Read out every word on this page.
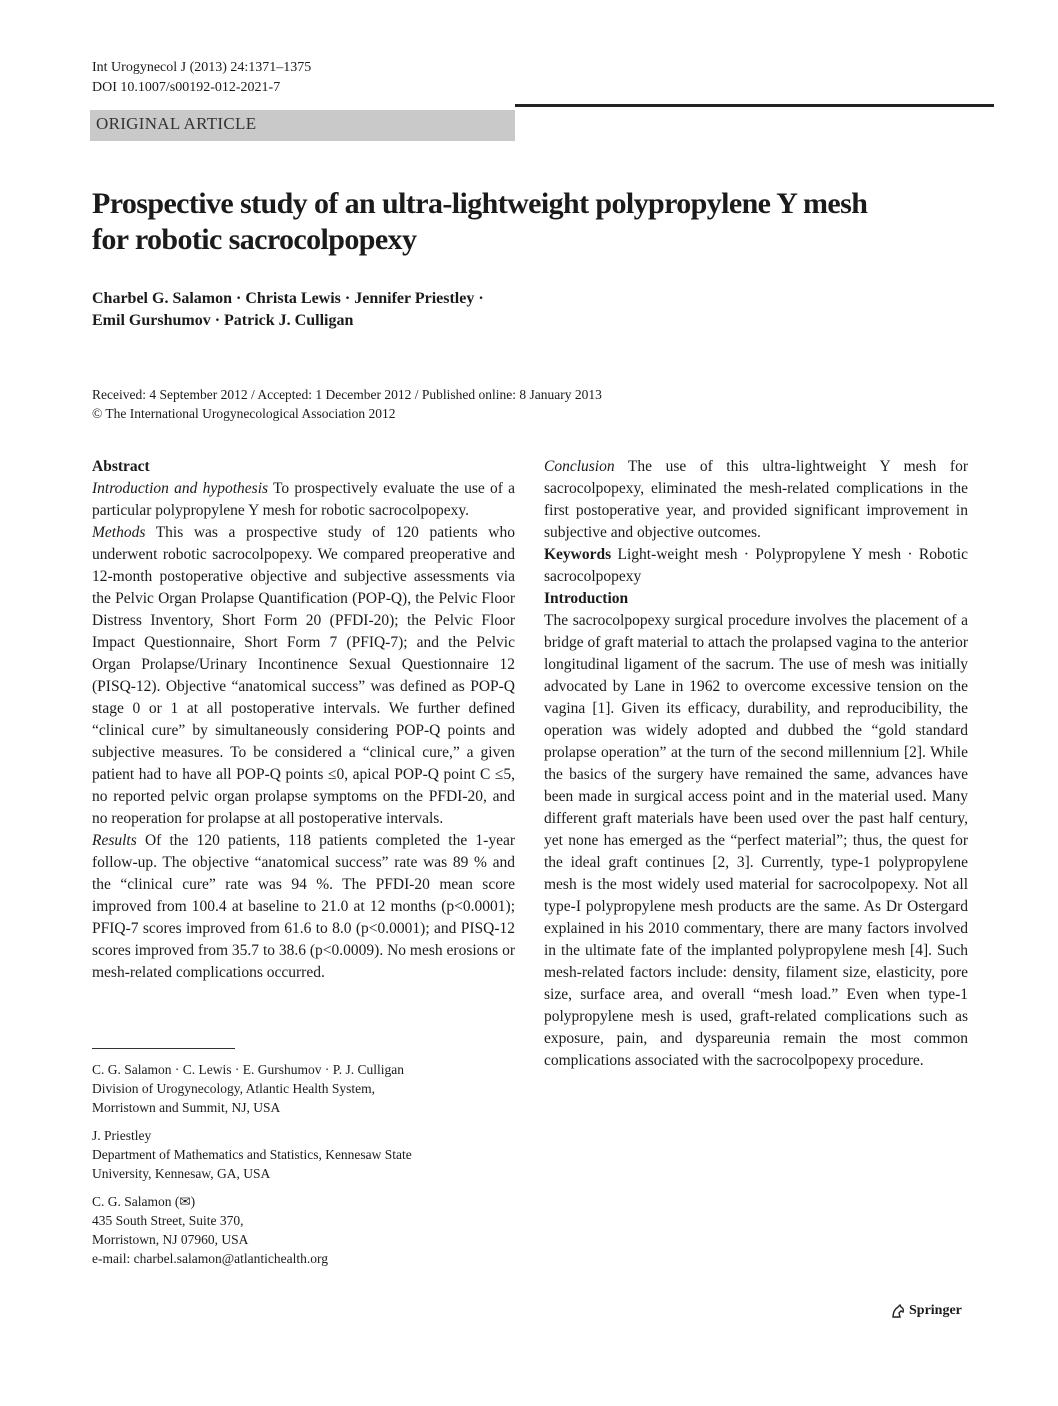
Int Urogynecol J (2013) 24:1371–1375
DOI 10.1007/s00192-012-2021-7
ORIGINAL ARTICLE
Prospective study of an ultra-lightweight polypropylene Y mesh
for robotic sacrocolpopexy
Charbel G. Salamon · Christa Lewis · Jennifer Priestley ·
Emil Gurshumov · Patrick J. Culligan
Received: 4 September 2012 / Accepted: 1 December 2012 / Published online: 8 January 2013
© The International Urogynecological Association 2012

Abstract

Introduction and hypothesis To prospectively evaluate the use of a particular polypropylene Y mesh for robotic sacrocolpopexy.

Methods This was a prospective study of 120 patients who underwent robotic sacrocolpopexy. We compared preoperative and 12-month postoperative objective and subjective assessments via the Pelvic Organ Prolapse Quantification (POP-Q), the Pelvic Floor Distress Inventory, Short Form 20 (PFDI-20); the Pelvic Floor Impact Questionnaire, Short Form 7 (PFIQ-7); and the Pelvic Organ Prolapse/Urinary Incontinence Sexual Questionnaire 12 (PISQ-12). Objective “anatomical success” was defined as POP-Q stage 0 or 1 at all postoperative intervals. We further defined “clinical cure” by simultaneously considering POP-Q points and subjective measures. To be considered a “clinical cure,” a given patient had to have all POP-Q points ≤0, apical POP-Q point C ≤5, no reported pelvic organ prolapse symptoms on the PFDI-20, and no reoperation for prolapse at all postoperative intervals.

Results Of the 120 patients, 118 patients completed the 1-year follow-up. The objective “anatomical success” rate was 89 % and the “clinical cure” rate was 94 %. The PFDI-20 mean score improved from 100.4 at baseline to 21.0 at 12 months (p<0.0001); PFIQ-7 scores improved from 61.6 to 8.0 (p<0.0001); and PISQ-12 scores improved from 35.7 to 38.6 (p<0.0009). No mesh erosions or mesh-related complications occurred.

C. G. Salamon · C. Lewis · E. Gurshumov · P. J. Culligan
Division of Urogynecology, Atlantic Health System,
Morristown and Summit, NJ, USA

J. Priestley
Department of Mathematics and Statistics, Kennesaw State
University, Kennesaw, GA, USA

C. G. Salamon (✉)
435 South Street, Suite 370,
Morristown, NJ 07960, USA
e-mail: charbel.salamon@atlantichealth.org

Conclusion The use of this ultra-lightweight Y mesh for sacrocolpopexy, eliminated the mesh-related complications in the first postoperative year, and provided significant improvement in subjective and objective outcomes.

Keywords Light-weight mesh · Polypropylene Y mesh · Robotic sacrocolpopexy

Introduction

The sacrocolpopexy surgical procedure involves the placement of a bridge of graft material to attach the prolapsed vagina to the anterior longitudinal ligament of the sacrum. The use of mesh was initially advocated by Lane in 1962 to overcome excessive tension on the vagina [1]. Given its efficacy, durability, and reproducibility, the operation was widely adopted and dubbed the “gold standard prolapse operation” at the turn of the second millennium [2]. While the basics of the surgery have remained the same, advances have been made in surgical access point and in the material used. Many different graft materials have been used over the past half century, yet none has emerged as the “perfect material”; thus, the quest for the ideal graft continues [2, 3]. Currently, type-1 polypropylene mesh is the most widely used material for sacrocolpopexy. Not all type-I polypropylene mesh products are the same. As Dr Ostergard explained in his 2010 commentary, there are many factors involved in the ultimate fate of the implanted polypropylene mesh [4]. Such mesh-related factors include: density, filament size, elasticity, pore size, surface area, and overall “mesh load.” Even when type-1 polypropylene mesh is used, graft-related complications such as exposure, pain, and dyspareunia remain the most common complications associated with the sacrocolpopexy procedure.

Springer
